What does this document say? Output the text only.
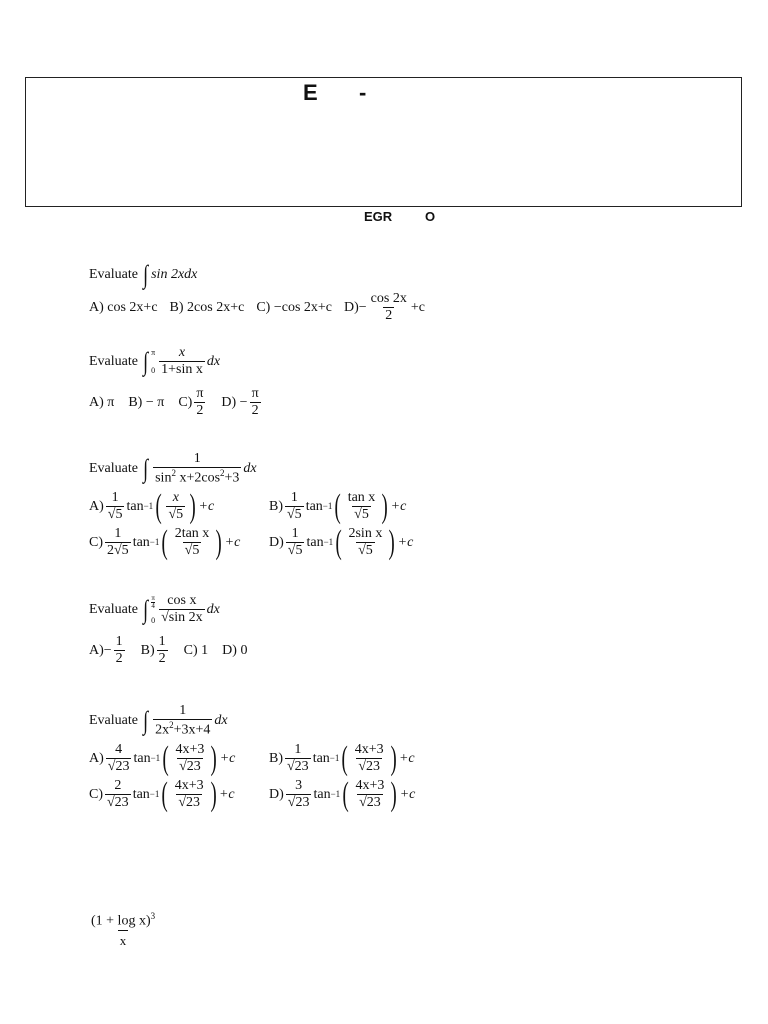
E -
EGR	O
Evaluate ∫ sin 2xdx
A) cos 2x+c B) 2cos 2x+c C) −cos 2x+c $D)- \frac{\cos 2x}{2} +c$
Evaluate ∫ π
$0 \frac{x}{\text{1+sin x}}$ dx
A) π B) − π $C) \frac{\pi}{2} D) - \frac{\pi}{2}$
Evaluate ∫ $\frac{1}{\sin^2 x+2\cos^2+3}$ dx
$A) \frac{1}{√5}$ tan −1 ( $\frac{x}{√5}$ ) +c	$B) \frac{1}{√5}$ tan −1 ( $\frac{\text{tan x}}{√5}$ ) +c
$C) \frac{1}{2√5}$ tan −1 ( $\frac{\text{2tan x}}{√5}$ ) +c $D) \frac{1}{√5}$ tan −1 ( $\frac{\text{2sin x}}{√5}$ ) +c
Evaluate ∫ $\frac{\pi}{4}$
$0 \frac{\text{cos x}}{√\sin 2x}$ dx
$A)- \frac{1}{2} B) \frac{1}{2} C$) 1 D) 0
Evaluate ∫ $\frac{1}{2x^2+3x+4}$ dx
$A) \frac{4}{√23}$ tan −1 ( $\frac{4x+3}{√23}$ ) +c $B) \frac{1}{√23}$ tan −1 ( $\frac{4x+3}{√23}$ ) +c
$C) \frac{2}{√23}$ tan −1 ( $\frac{4x+3}{√23}$ ) +c $D) \frac{3}{√23}$ tan −1 ( $\frac{4x+3}{√23}$ ) +c
$\frac{(1 + \log x)^3}{x}$
